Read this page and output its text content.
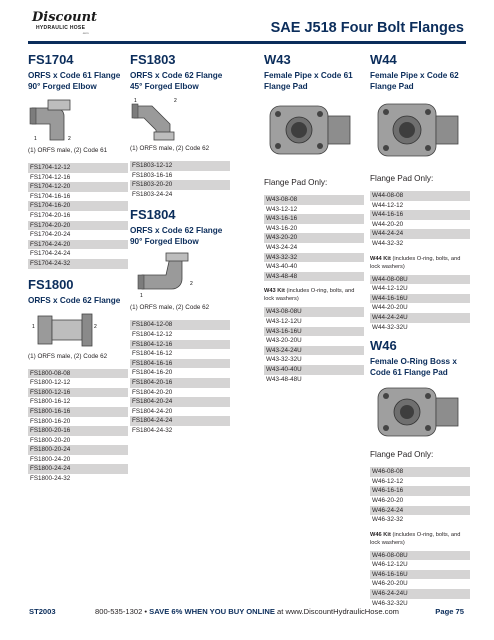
Discount
HYDRAULIC HOSE
.com	SAE J518 Four Bolt Flanges
FS1704
ORFS x Code 61 Flange
90° Forged Elbow
1	2
(1) ORFS male, (2) Code 61
FS1704-12-12
FS1704-12-16
FS1704-12-20
FS1704-16-16
FS1704-16-20
FS1704-20-16
FS1704-20-20
FS1704-20-24
FS1704-24-20
FS1704-24-24
FS1704-24-32
FS1800
ORFS x Code 62 Flange
1	2
(1) ORFS male, (2) Code 62
FS1800-08-08
FS1800-12-12
FS1800-12-16
FS1800-16-12
FS1800-16-16
FS1800-16-20
FS1800-20-16
FS1800-20-20
FS1800-20-24
FS1800-24-20
FS1800-24-24
FS1800-24-32
FS1803
ORFS x Code 62 Flange
45° Forged Elbow
1	2
(1) ORFS male, (2) Code 62
FS1803-12-12
FS1803-16-16
FS1803-20-20
FS1803-24-24
FS1804
ORFS x Code 62 Flange
90° Forged Elbow
1
2
(1) ORFS male, (2) Code 62
FS1804-12-08
FS1804-12-12
FS1804-12-16
FS1804-16-12
FS1804-16-16
FS1804-16-20
FS1804-20-16
FS1804-20-20
FS1804-20-24
FS1804-24-20
FS1804-24-24
FS1804-24-32
W43
Female Pipe x Code 61
Flange Pad
Flange Pad Only:
W43-08-08
W43-12-12
W43-16-16
W43-16-20
W43-20-20
W43-24-24
W43-32-32
W43-40-40
W43-48-48
W43 Kit (includes O-ring, bolts, and lock washers)
W43-08-08U
W43-12-12U
W43-16-16U
W43-20-20U
W43-24-24U
W43-32-32U
W43-40-40U
W43-48-48U
W44
Female Pipe x Code 62
Flange Pad
Flange Pad Only:
W44-08-08
W44-12-12
W44-16-16
W44-20-20
W44-24-24
W44-32-32
W44 Kit (includes O-ring, bolts, and lock washers)
W44-08-08U
W44-12-12U
W44-16-16U
W44-20-20U
W44-24-24U
W44-32-32U
W46
Female O-Ring Boss x
Code 61 Flange Pad
Flange Pad Only:
W46-08-08
W46-12-12
W46-16-16
W46-20-20
W46-24-24
W46-32-32
W46 Kit (includes O-ring, bolts, and lock washers)
W46-08-08U
W46-12-12U
W46-16-16U
W46-20-20U
W46-24-24U
W46-32-32U
ST2003	800-535-1302 • SAVE 6% WHEN YOU BUY ONLINE at www.DiscountHydraulicHose.com	Page 75
